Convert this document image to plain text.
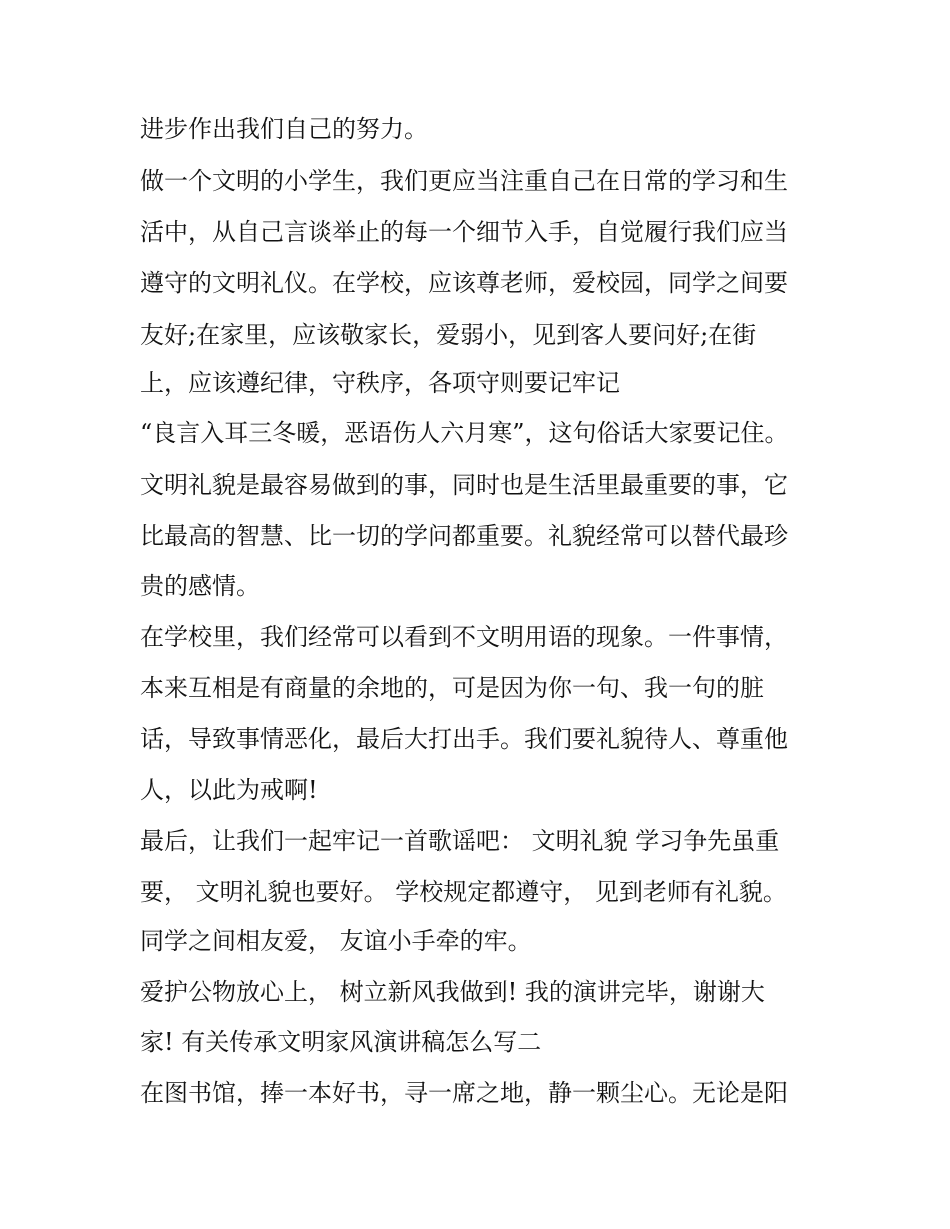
进步作出我们自己的努力。
做一个文明的小学生，我们更应当注重自己在日常的学习和生
活中，从自己言谈举止的每一个细节入手，自觉履行我们应当
遵守的文明礼仪。在学校，应该尊老师，爱校园，同学之间要
友好;在家里，应该敬家长，爱弱小，见到客人要问好;在街
上，应该遵纪律，守秩序，各项守则要记牢记
“良言入耳三冬暖，恶语伤人六月寒”，这句俗话大家要记住。
文明礼貌是最容易做到的事，同时也是生活里最重要的事，它
比最高的智慧、比一切的学问都重要。礼貌经常可以替代最珍
贵的感情。
在学校里，我们经常可以看到不文明用语的现象。一件事情，
本来互相是有商量的余地的，可是因为你一句、我一句的脏
话，导致事情恶化，最后大打出手。我们要礼貌待人、尊重他
人，以此为戒啊!
最后，让我们一起牢记一首歌谣吧： 文明礼貌 学习争先虽重
要， 文明礼貌也要好。 学校规定都遵守， 见到老师有礼貌。
同学之间相友爱， 友谊小手牵的牢。
爱护公物放心上， 树立新风我做到! 我的演讲完毕，谢谢大
家! 有关传承文明家风演讲稿怎么写二
在图书馆，捧一本好书，寻一席之地，静一颗尘心。无论是阳
